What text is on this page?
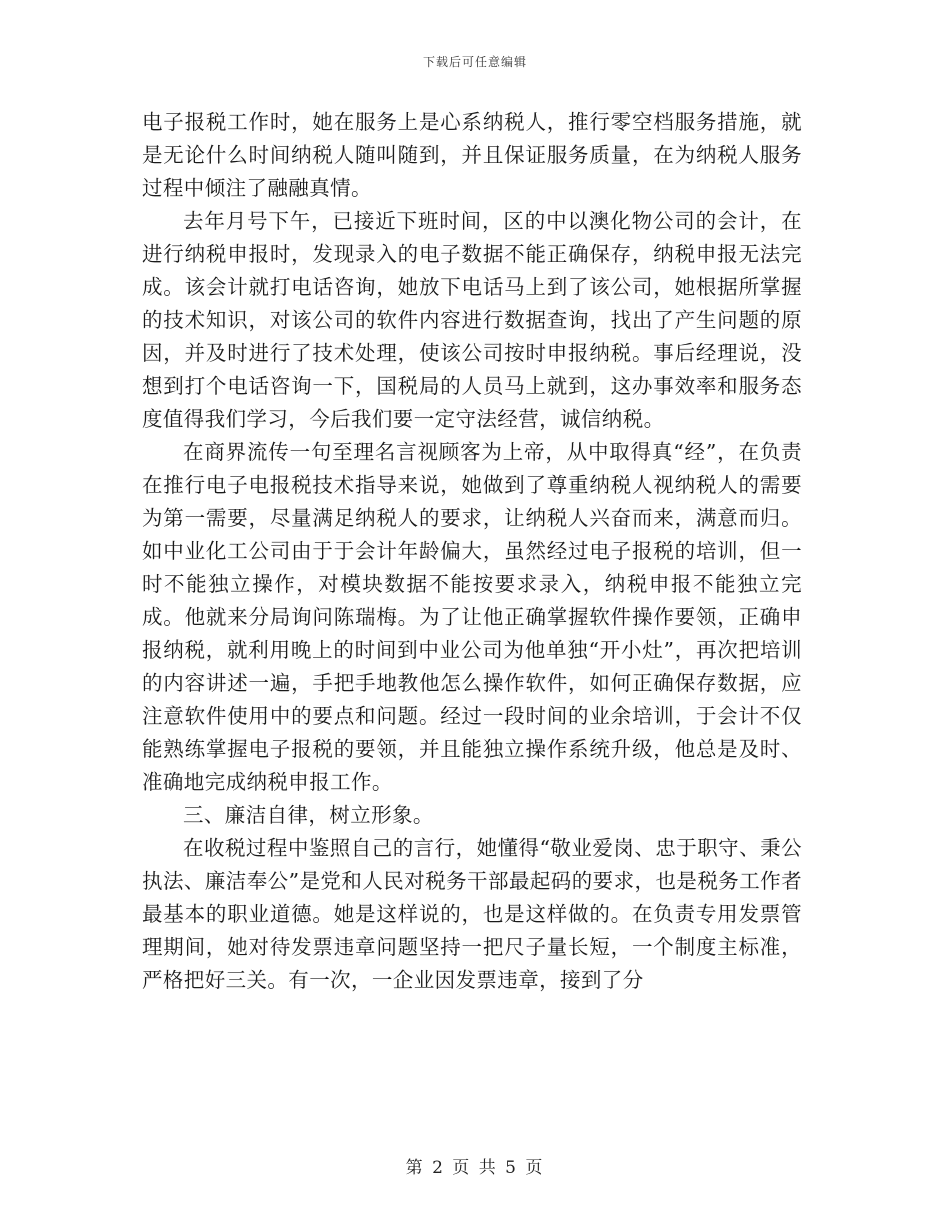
下载后可任意编辑

电子报税工作时，她在服务上是心系纳税人，推行零空档服务措施，就是无论什么时间纳税人随叫随到，并且保证服务质量，在为纳税人服务过程中倾注了融融真情。

去年月号下午，已接近下班时间，区的中以澳化物公司的会计，在进行纳税申报时，发现录入的电子数据不能正确保存，纳税申报无法完成。该会计就打电话咨询，她放下电话马上到了该公司，她根据所掌握的技术知识，对该公司的软件内容进行数据查询，找出了产生问题的原因，并及时进行了技术处理，使该公司按时申报纳税。事后经理说，没想到打个电话咨询一下，国税局的人员马上就到，这办事效率和服务态度值得我们学习，今后我们要一定守法经营，诚信纳税。

在商界流传一句至理名言视顾客为上帝，从中取得真“经”，在负责在推行电子电报税技术指导来说，她做到了尊重纳税人视纳税人的需要为第一需要，尽量满足纳税人的要求，让纳税人兴奋而来，满意而归。如中业化工公司由于于会计年龄偏大，虽然经过电子报税的培训，但一时不能独立操作，对模块数据不能按要求录入，纳税申报不能独立完成。他就来分局询问陈瑞梅。为了让他正确掌握软件操作要领，正确申报纳税，就利用晚上的时间到中业公司为他单独“开小灶”，再次把培训的内容讲述一遍，手把手地教他怎么操作软件，如何正确保存数据，应注意软件使用中的要点和问题。经过一段时间的业余培训，于会计不仅能熟练掌握电子报税的要领，并且能独立操作系统升级，他总是及时、准确地完成纳税申报工作。

三、廉洁自律，树立形象。

在收税过程中鉴照自己的言行，她懂得“敬业爱岗、忠于职守、秉公执法、廉洁奉公”是党和人民对税务干部最起码的要求，也是税务工作者最基本的职业道德。她是这样说的，也是这样做的。在负责专用发票管理期间，她对待发票违章问题坚持一把尺子量长短，一个制度主标准，严格把好三关。有一次，一企业因发票违章，接到了分

第 2 页 共 5 页
